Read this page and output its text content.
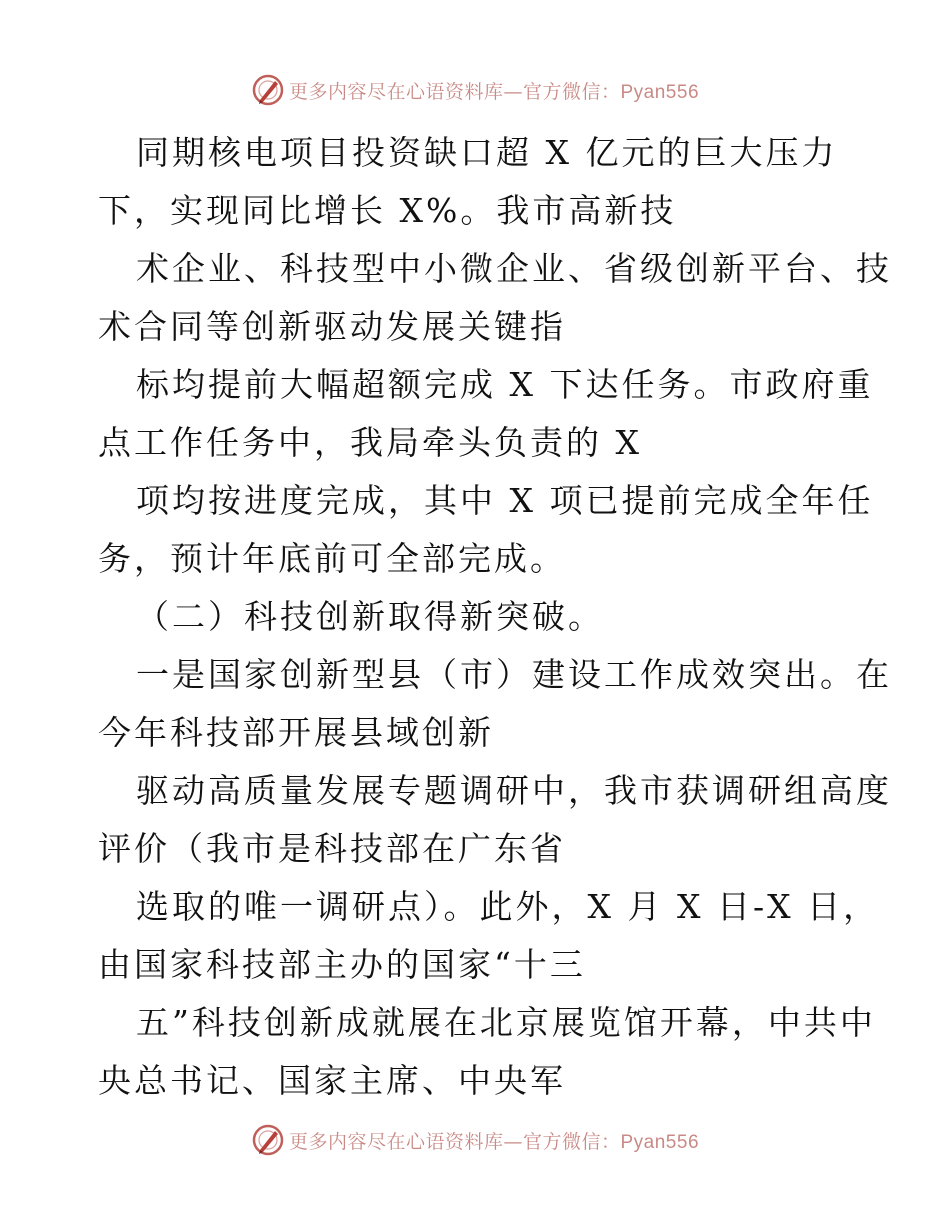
更多内容尽在心语资料库—官方微信：Pyan556
同期核电项目投资缺口超 X 亿元的巨大压力
下，实现同比增长 X%。我市高新技
术企业、科技型中小微企业、省级创新平台、技
术合同等创新驱动发展关键指
标均提前大幅超额完成 X 下达任务。市政府重
点工作任务中，我局牵头负责的 X
项均按进度完成，其中 X 项已提前完成全年任
务，预计年底前可全部完成。
（二）科技创新取得新突破。
一是国家创新型县（市）建设工作成效突出。在
今年科技部开展县域创新
驱动高质量发展专题调研中，我市获调研组高度
评价（我市是科技部在广东省
选取的唯一调研点）。此外，X 月 X 日-X 日，
由国家科技部主办的国家“十三
五”科技创新成就展在北京展览馆开幕，中共中
央总书记、国家主席、中央军
更多内容尽在心语资料库—官方微信：Pyan556
